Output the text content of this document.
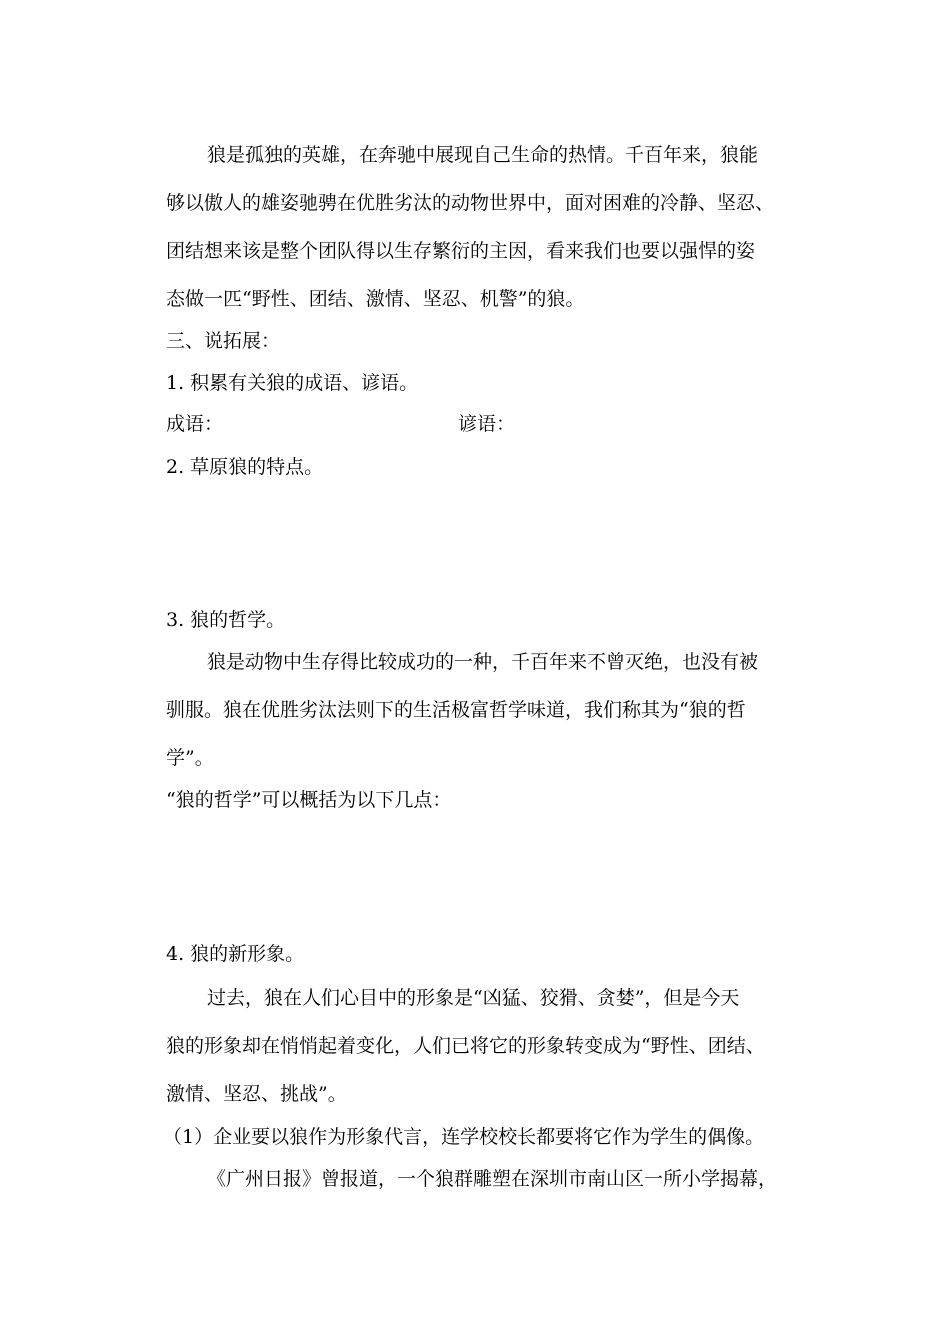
狼是孤独的英雄，在奔驰中展现自己生命的热情。千百年来，狼能
够以傲人的雄姿驰骋在优胜劣汰的动物世界中，面对困难的冷静、坚忍、
团结想来该是整个团队得以生存繁衍的主因，看来我们也要以强悍的姿
态做一匹“野性、团结、激情、坚忍、机警”的狼。
三、说拓展：
1. 积累有关狼的成语、谚语。
成语：	谚语：
2. 草原狼的特点。
3. 狼的哲学。
狼是动物中生存得比较成功的一种，千百年来不曾灭绝，也没有被
驯服。狼在优胜劣汰法则下的生活极富哲学味道，我们称其为“狼的哲
学”。
“狼的哲学”可以概括为以下几点：
4. 狼的新形象。
过去，狼在人们心目中的形象是“凶猛、狡猾、贪婪”，但是今天
狼的形象却在悄悄起着变化，人们已将它的形象转变成为“野性、团结、
激情、坚忍、挑战”。
（1）企业要以狼作为形象代言，连学校校长都要将它作为学生的偶像。
《广州日报》曾报道，一个狼群雕塑在深圳市南山区一所小学揭幕，
